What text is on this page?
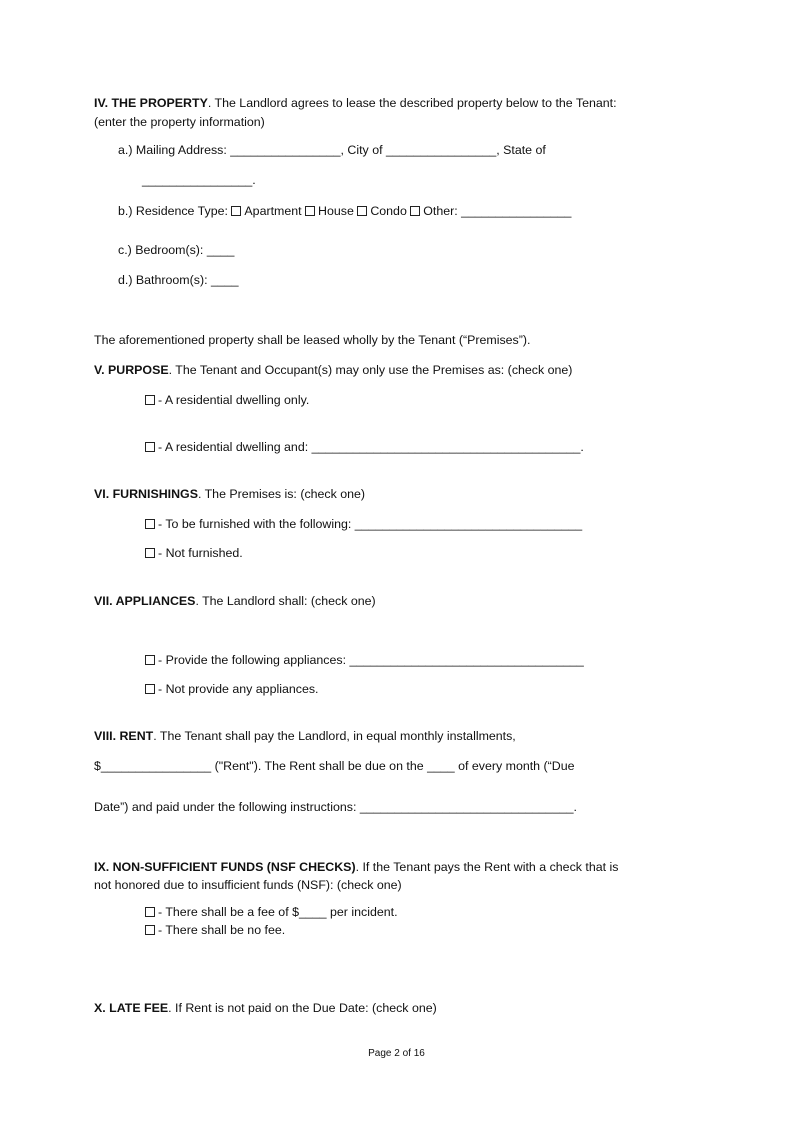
IV. THE PROPERTY. The Landlord agrees to lease the described property below to the Tenant:
(enter the property information)
a.) Mailing Address: ________________, City of ________________, State of
________________.
b.) Residence Type: Apartment House Condo Other: ________________
c.) Bedroom(s): ____
d.) Bathroom(s): ____
The aforementioned property shall be leased wholly by the Tenant (“Premises”).
V. PURPOSE. The Tenant and Occupant(s) may only use the Premises as: (check one)
- A residential dwelling only.
- A residential dwelling and: _______________________________________.
VI. FURNISHINGS. The Premises is: (check one)
- To be furnished with the following: _________________________________
- Not furnished.
VII. APPLIANCES. The Landlord shall: (check one)
- Provide the following appliances: __________________________________
- Not provide any appliances.
VIII. RENT. The Tenant shall pay the Landlord, in equal monthly installments,
$________________ ("Rent"). The Rent shall be due on the ____ of every month (“Due
Date”) and paid under the following instructions: _______________________________.
IX. NON-SUFFICIENT FUNDS (NSF CHECKS). If the Tenant pays the Rent with a check that is
not honored due to insufficient funds (NSF): (check one)
- There shall be a fee of $____ per incident.
- There shall be no fee.
X. LATE FEE. If Rent is not paid on the Due Date: (check one)
Page 2 of 16
